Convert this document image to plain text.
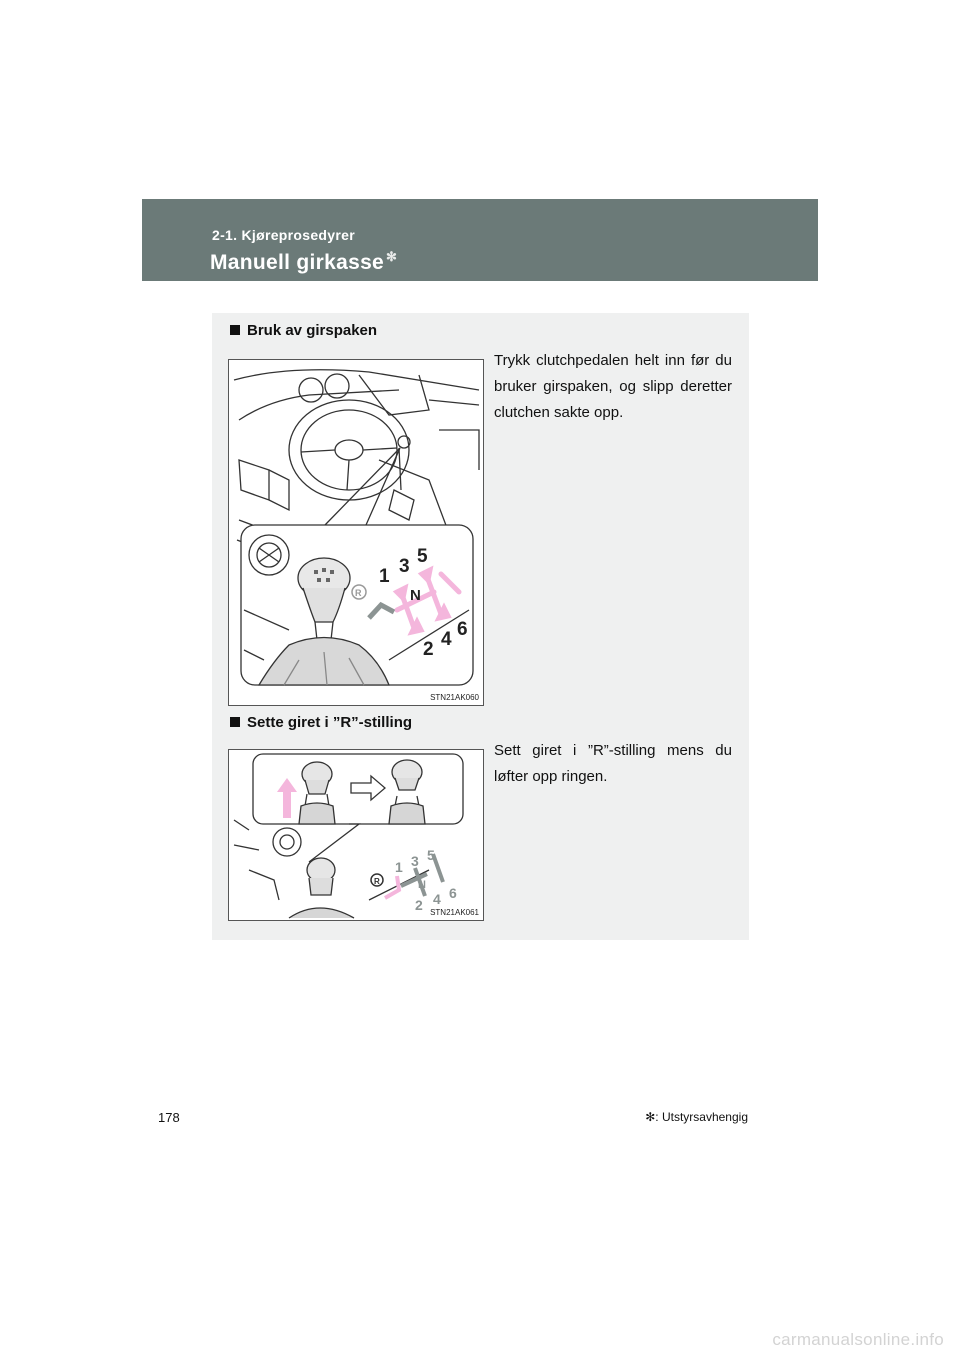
2-1. Kjøreprosedyrer
Manuell girkasse ✻
Bruk av girspaken
Trykk clutchpedalen helt inn før du bruker girspaken, og slipp deretter clutchen sakte opp.
1 3 5
N
2 4 6
R
STN21AK060
Sette giret i ”R”-stilling
Sett giret i ”R”-stilling mens du løfter opp ringen.
1 3 5
N
2 4 6
R
STN21AK061
178	✻: Utstyrsavhengig
carmanualsonline.info
